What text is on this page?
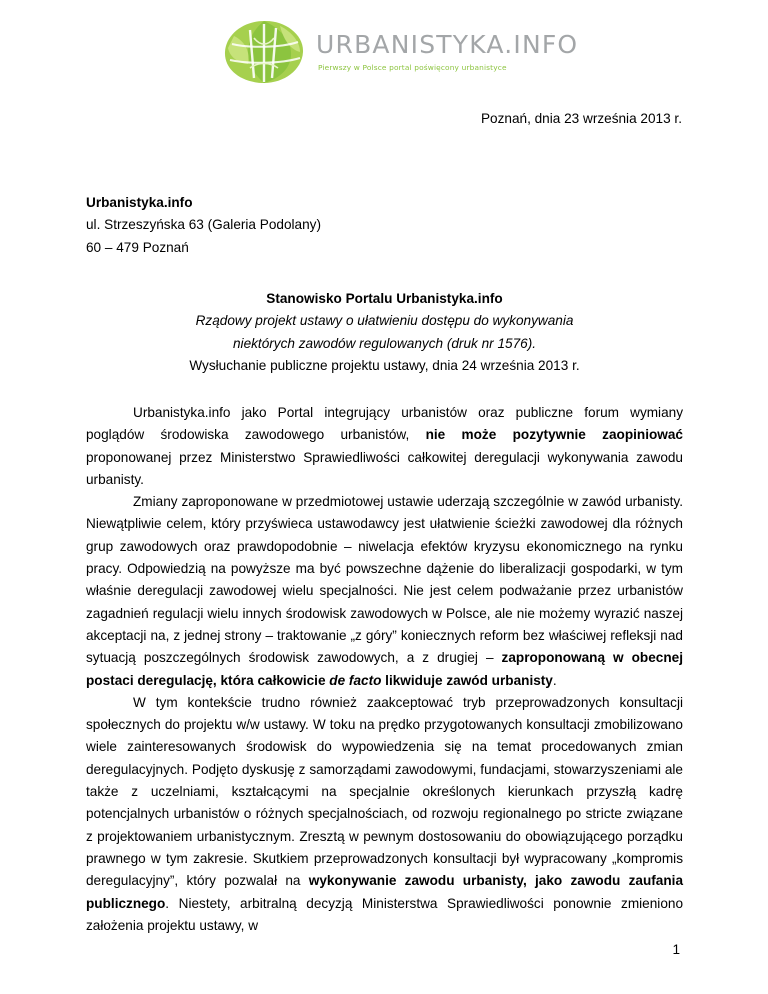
URBANISTYKA.INFO
Pierwszy w Polsce portal poświęcony urbanistyce
Poznań, dnia 23 września 2013 r.
Urbanistyka.info
ul. Strzeszyńska 63 (Galeria Podolany)
60 – 479 Poznań
Stanowisko Portalu Urbanistyka.info
Rządowy projekt ustawy o ułatwieniu dostępu do wykonywania
niektórych zawodów regulowanych (druk nr 1576).
Wysłuchanie publiczne projektu ustawy, dnia 24 września 2013 r.

Urbanistyka.info jako Portal integrujący urbanistów oraz publiczne forum wymiany poglądów środowiska zawodowego urbanistów, nie może pozytywnie zaopiniować proponowanej przez Ministerstwo Sprawiedliwości całkowitej deregulacji wykonywania zawodu urbanisty.

Zmiany zaproponowane w przedmiotowej ustawie uderzają szczególnie w zawód urbanisty. Niewątpliwie celem, który przyświeca ustawodawcy jest ułatwienie ścieżki zawodowej dla różnych grup zawodowych oraz prawdopodobnie – niwelacja efektów kryzysu ekonomicznego na rynku pracy. Odpowiedzią na powyższe ma być powszechne dążenie do liberalizacji gospodarki, w tym właśnie deregulacji zawodowej wielu specjalności. Nie jest celem podważanie przez urbanistów zagadnień regulacji wielu innych środowisk zawodowych w Polsce, ale nie możemy wyrazić naszej akceptacji na, z jednej strony – traktowanie „z góry” koniecznych reform bez właściwej refleksji nad sytuacją poszczególnych środowisk zawodowych, a z drugiej – zaproponowaną w obecnej postaci deregulację, która całkowicie de facto likwiduje zawód urbanisty.

W tym kontekście trudno również zaakceptować tryb przeprowadzonych konsultacji społecznych do projektu w/w ustawy. W toku na prędko przygotowanych konsultacji zmobilizowano wiele zainteresowanych środowisk do wypowiedzenia się na temat procedowanych zmian deregulacyjnych. Podjęto dyskusję z samorządami zawodowymi, fundacjami, stowarzyszeniami ale także z uczelniami, kształcącymi na specjalnie określonych kierunkach przyszłą kadrę potencjalnych urbanistów o różnych specjalnościach, od rozwoju regionalnego po stricte związane z projektowaniem urbanistycznym. Zresztą w pewnym dostosowaniu do obowiązującego porządku prawnego w tym zakresie. Skutkiem przeprowadzonych konsultacji był wypracowany „kompromis deregulacyjny”, który pozwalał na wykonywanie zawodu urbanisty, jako zawodu zaufania publicznego. Niestety, arbitralną decyzją Ministerstwa Sprawiedliwości ponownie zmieniono założenia projektu ustawy, w

1
